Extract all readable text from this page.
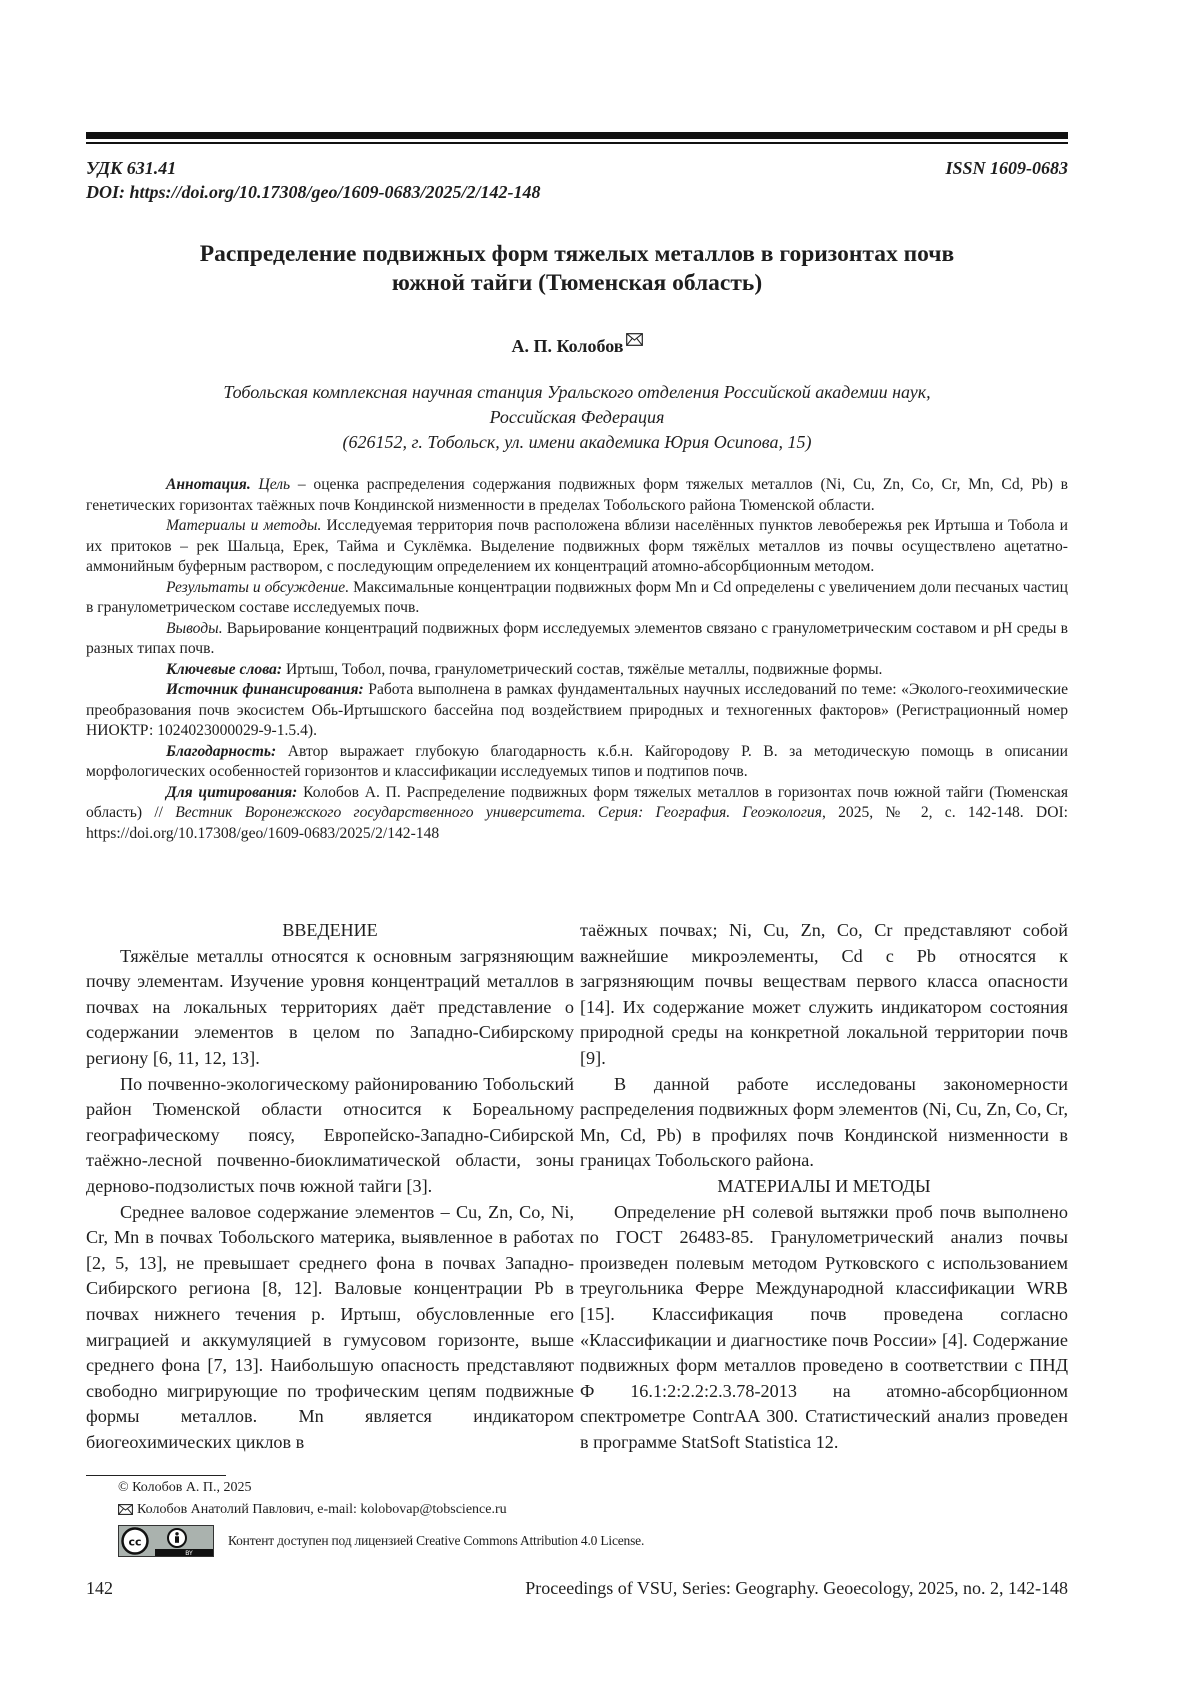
УДК 631.41	ISSN 1609-0683
DOI: https://doi.org/10.17308/geo/1609-0683/2025/2/142-148
Распределение подвижных форм тяжелых металлов в горизонтах почв
южной тайги (Тюменская область)
А. П. Колобов
Тобольская комплексная научная станция Уральского отделения Российской академии наук,
Российская Федерация
(626152, г. Тобольск, ул. имени академика Юрия Осипова, 15)

Аннотация. Цель – оценка распределения содержания подвижных форм тяжелых металлов (Ni, Cu, Zn, Co, Cr, Mn, Cd, Pb) в генетических горизонтах таёжных почв Кондинской низменности в пределах Тобольского района Тюменской области.

Материалы и методы. Исследуемая территория почв расположена вблизи населённых пунктов левобережья рек Иртыша и Тобола и их притоков – рек Шальца, Ерек, Тайма и Суклёмка. Выделение подвижных форм тяжёлых металлов из почвы осуществлено ацетатно-аммонийным буферным раствором, с последующим определением их концентраций атомно-абсорбционным методом.

Результаты и обсуждение. Максимальные концентрации подвижных форм Mn и Cd определены с увеличением доли песчаных частиц в гранулометрическом составе исследуемых почв.

Выводы. Варьирование концентраций подвижных форм исследуемых элементов связано с гранулометрическим составом и pH среды в разных типах почв.

Ключевые слова: Иртыш, Тобол, почва, гранулометрический состав, тяжёлые металлы, подвижные формы.

Источник финансирования: Работа выполнена в рамках фундаментальных научных исследований по теме: «Эколого-геохимические преобразования почв экосистем Обь-Иртышского бассейна под воздействием природных и техногенных факторов» (Регистрационный номер НИОКТР: 1024023000029-9-1.5.4).

Благодарность: Автор выражает глубокую благодарность к.б.н. Кайгородову Р. В. за методическую помощь в описании морфологических особенностей горизонтов и классификации исследуемых типов и подтипов почв.

Для цитирования: Колобов А. П. Распределение подвижных форм тяжелых металлов в горизонтах почв южной тайги (Тюменская область) // Вестник Воронежского государственного университета. Серия: География. Геоэкология, 2025, № 2, с. 142-148. DOI: https://doi.org/10.17308/geo/1609-0683/2025/2/142-148

ВВЕДЕНИЕ

Тяжёлые металлы относятся к основным загрязняющим почву элементам. Изучение уровня концентраций металлов в почвах на локальных территориях даёт представление о содержании элементов в целом по Западно-Сибирскому региону [6, 11, 12, 13].

По почвенно-экологическому районированию Тобольский район Тюменской области относится к Бореальному географическому поясу, Европейско-Западно-Сибирской таёжно-лесной почвенно-биоклиматической области, зоны дерново-подзолистых почв южной тайги [3].

Среднее валовое содержание элементов – Cu, Zn, Co, Ni, Cr, Mn в почвах Тобольского материка, выявленное в работах [2, 5, 13], не превышает среднего фона в почвах Западно-Сибирского региона [8, 12]. Валовые концентрации Pb в почвах нижнего течения р. Иртыш, обусловленные его миграцией и аккумуляцией в гумусовом горизонте, выше среднего фона [7, 13]. Наибольшую опасность представляют свободно мигрирующие по трофическим цепям подвижные формы металлов. Mn является индикатором биогеохимических циклов в

таёжных почвах; Ni, Cu, Zn, Co, Cr представляют собой важнейшие микроэлементы, Cd с Pb относятся к загрязняющим почвы веществам первого класса опасности [14]. Их содержание может служить индикатором состояния природной среды на конкретной локальной территории почв [9].

В данной работе исследованы закономерности распределения подвижных форм элементов (Ni, Cu, Zn, Co, Cr, Mn, Cd, Pb) в профилях почв Кондинской низменности в границах Тобольского района.

МАТЕРИАЛЫ И МЕТОДЫ

Определение pH солевой вытяжки проб почв выполнено по ГОСТ 26483-85. Гранулометрический анализ почвы произведен полевым методом Рутковского с использованием треугольника Ферре Международной классификации WRB [15]. Классификация почв проведена согласно «Классификации и диагностике почв России» [4]. Содержание подвижных форм металлов проведено в соответствии с ПНД Ф 16.1:2:2.2:2.3.78-2013 на атомно-абсорбционном спектрометре ContrAA 300. Статистический анализ проведен в программе StatSoft Statistica 12.

© Колобов А. П., 2025
Колобов Анатолий Павлович, e-mail: kolobovap@tobscience.ru
cc
BY
Контент доступен под лицензией Creative Commons Attribution 4.0 License.
142	Proceedings of VSU, Series: Geography. Geoecology, 2025, no. 2, 142-148
